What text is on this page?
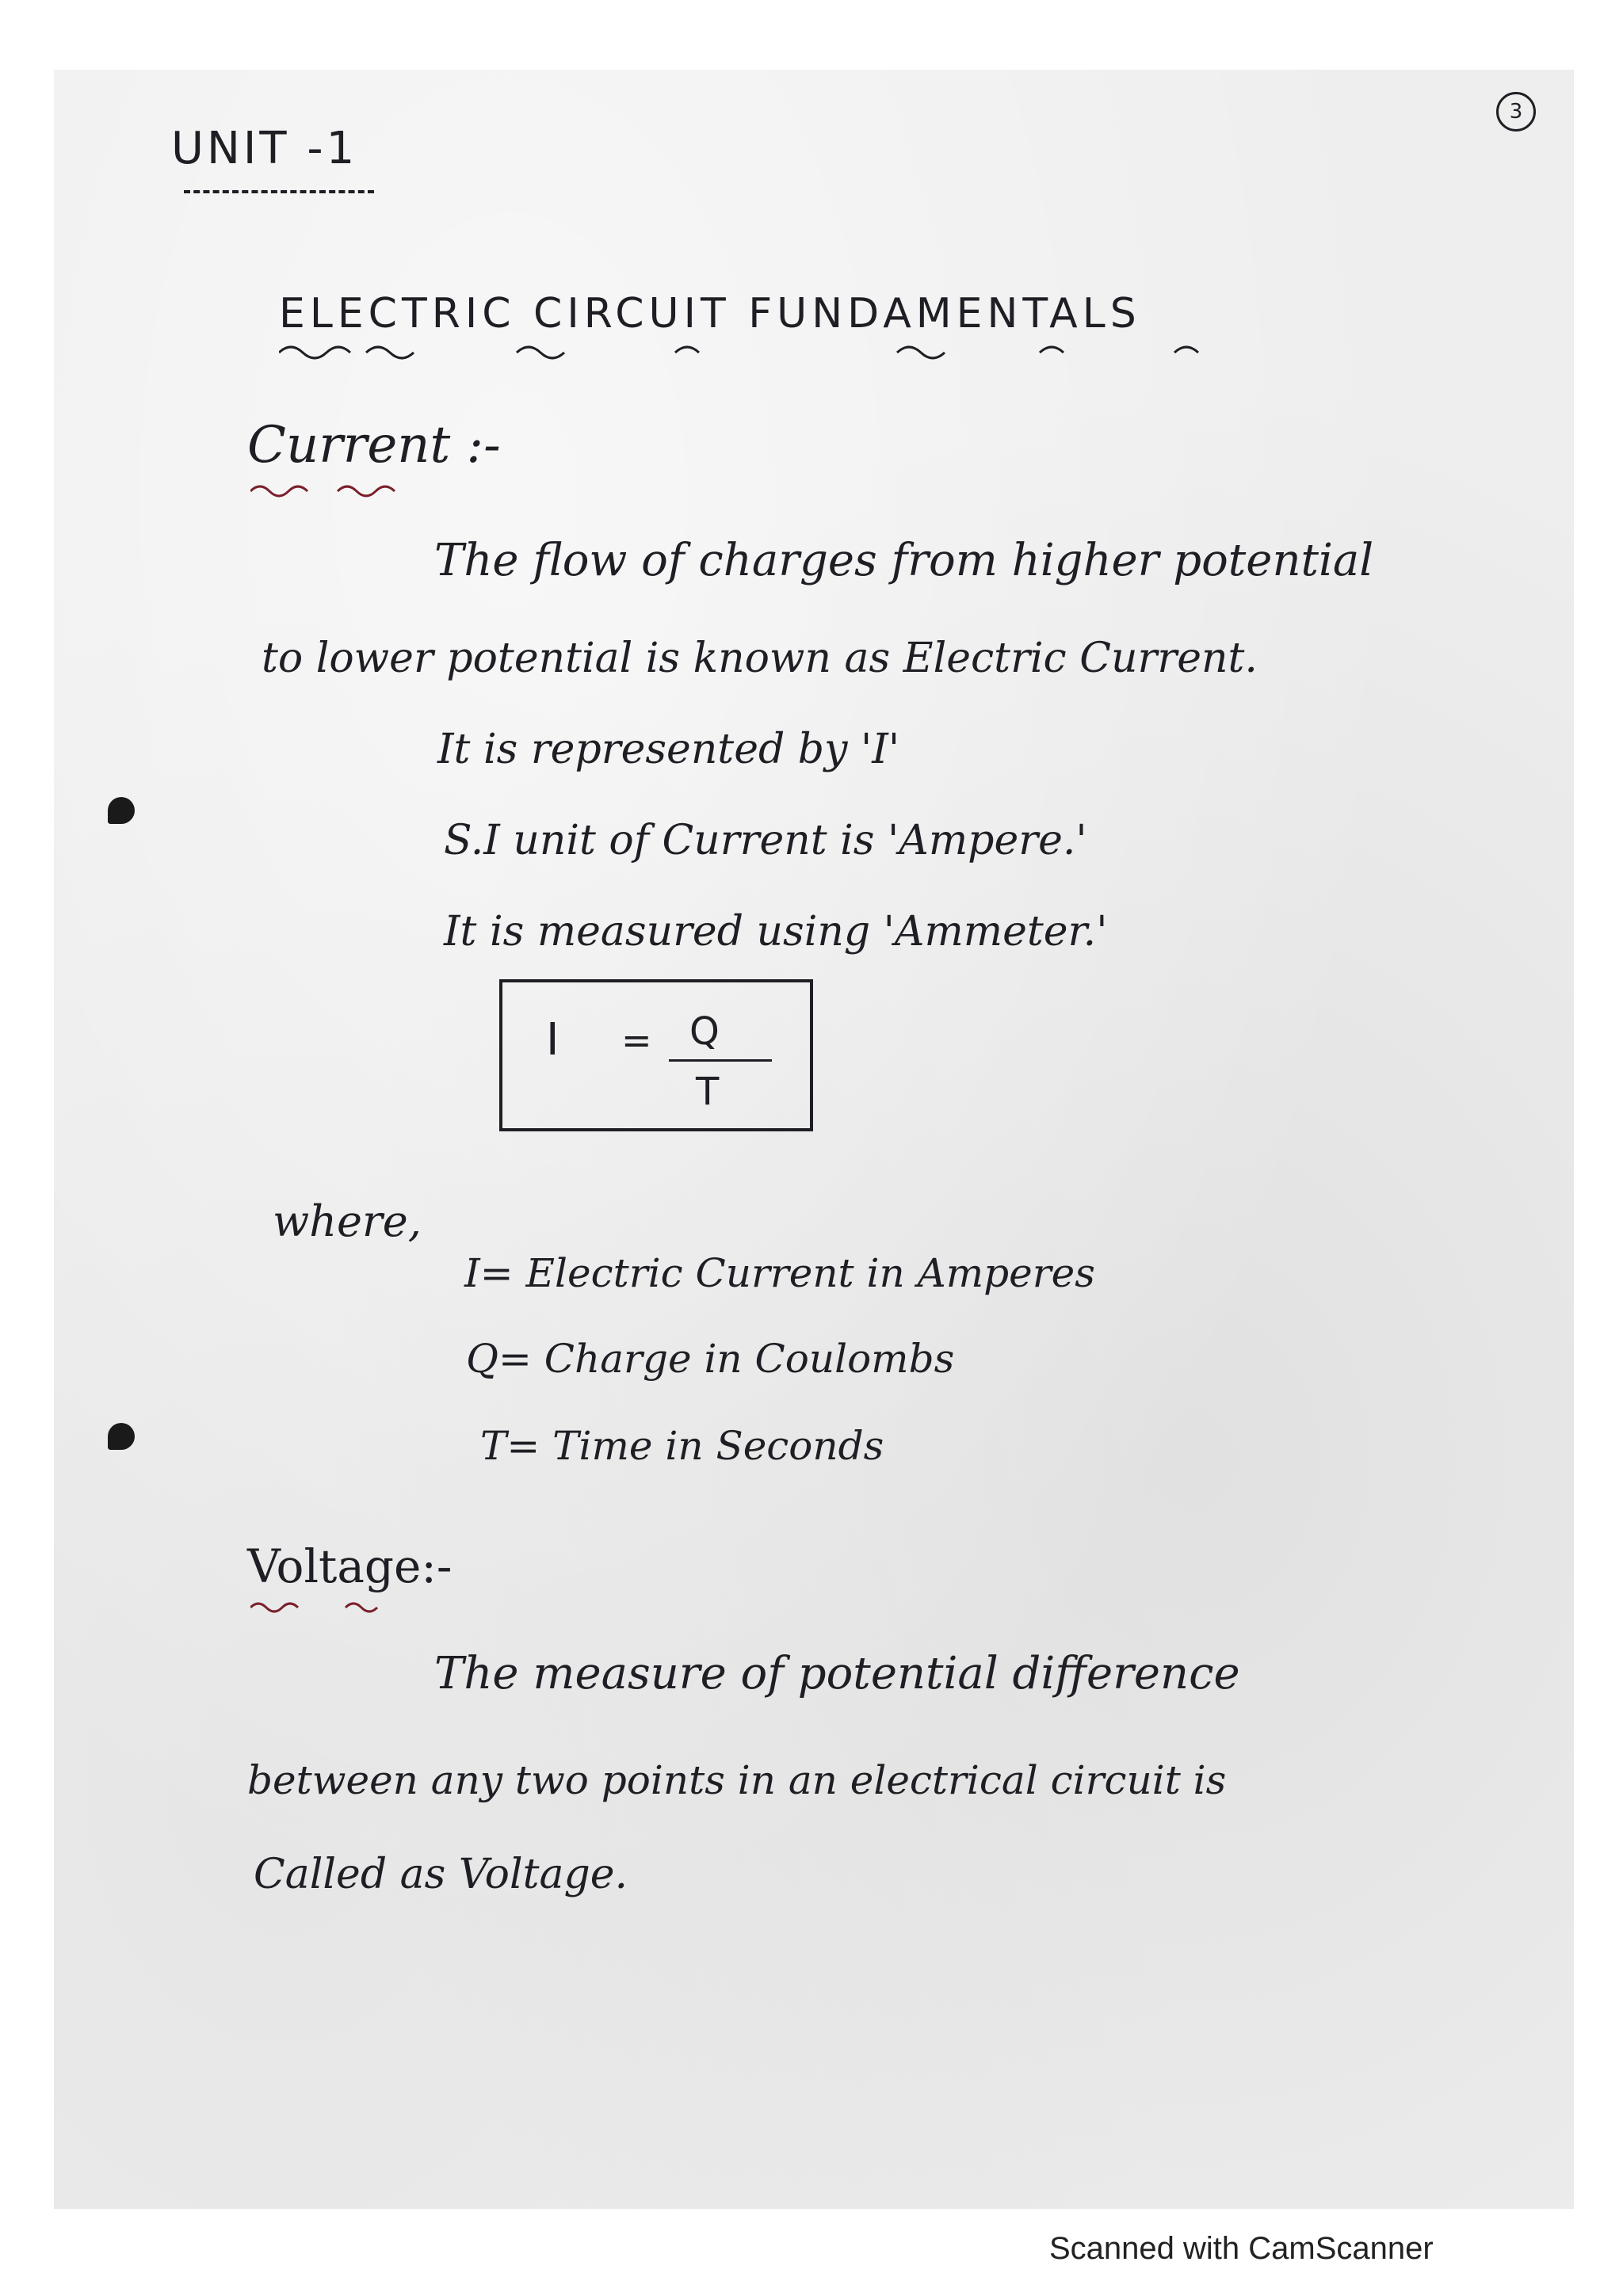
3
UNIT -1
ELECTRIC CIRCUIT FUNDAMENTALS
Current :-
The flow of charges from higher potential
to lower potential is known as Electric Current.
It is represented by 'I'
S.I unit of Current is 'Ampere.'
It is measured using 'Ammeter.'
I = Q
T
where,
I= Electric Current in Amperes
Q= Charge in Coulombs
T= Time in Seconds
Voltage:-
The measure of potential difference
between any two points in an electrical circuit is
Called as Voltage.
Scanned with CamScanner
